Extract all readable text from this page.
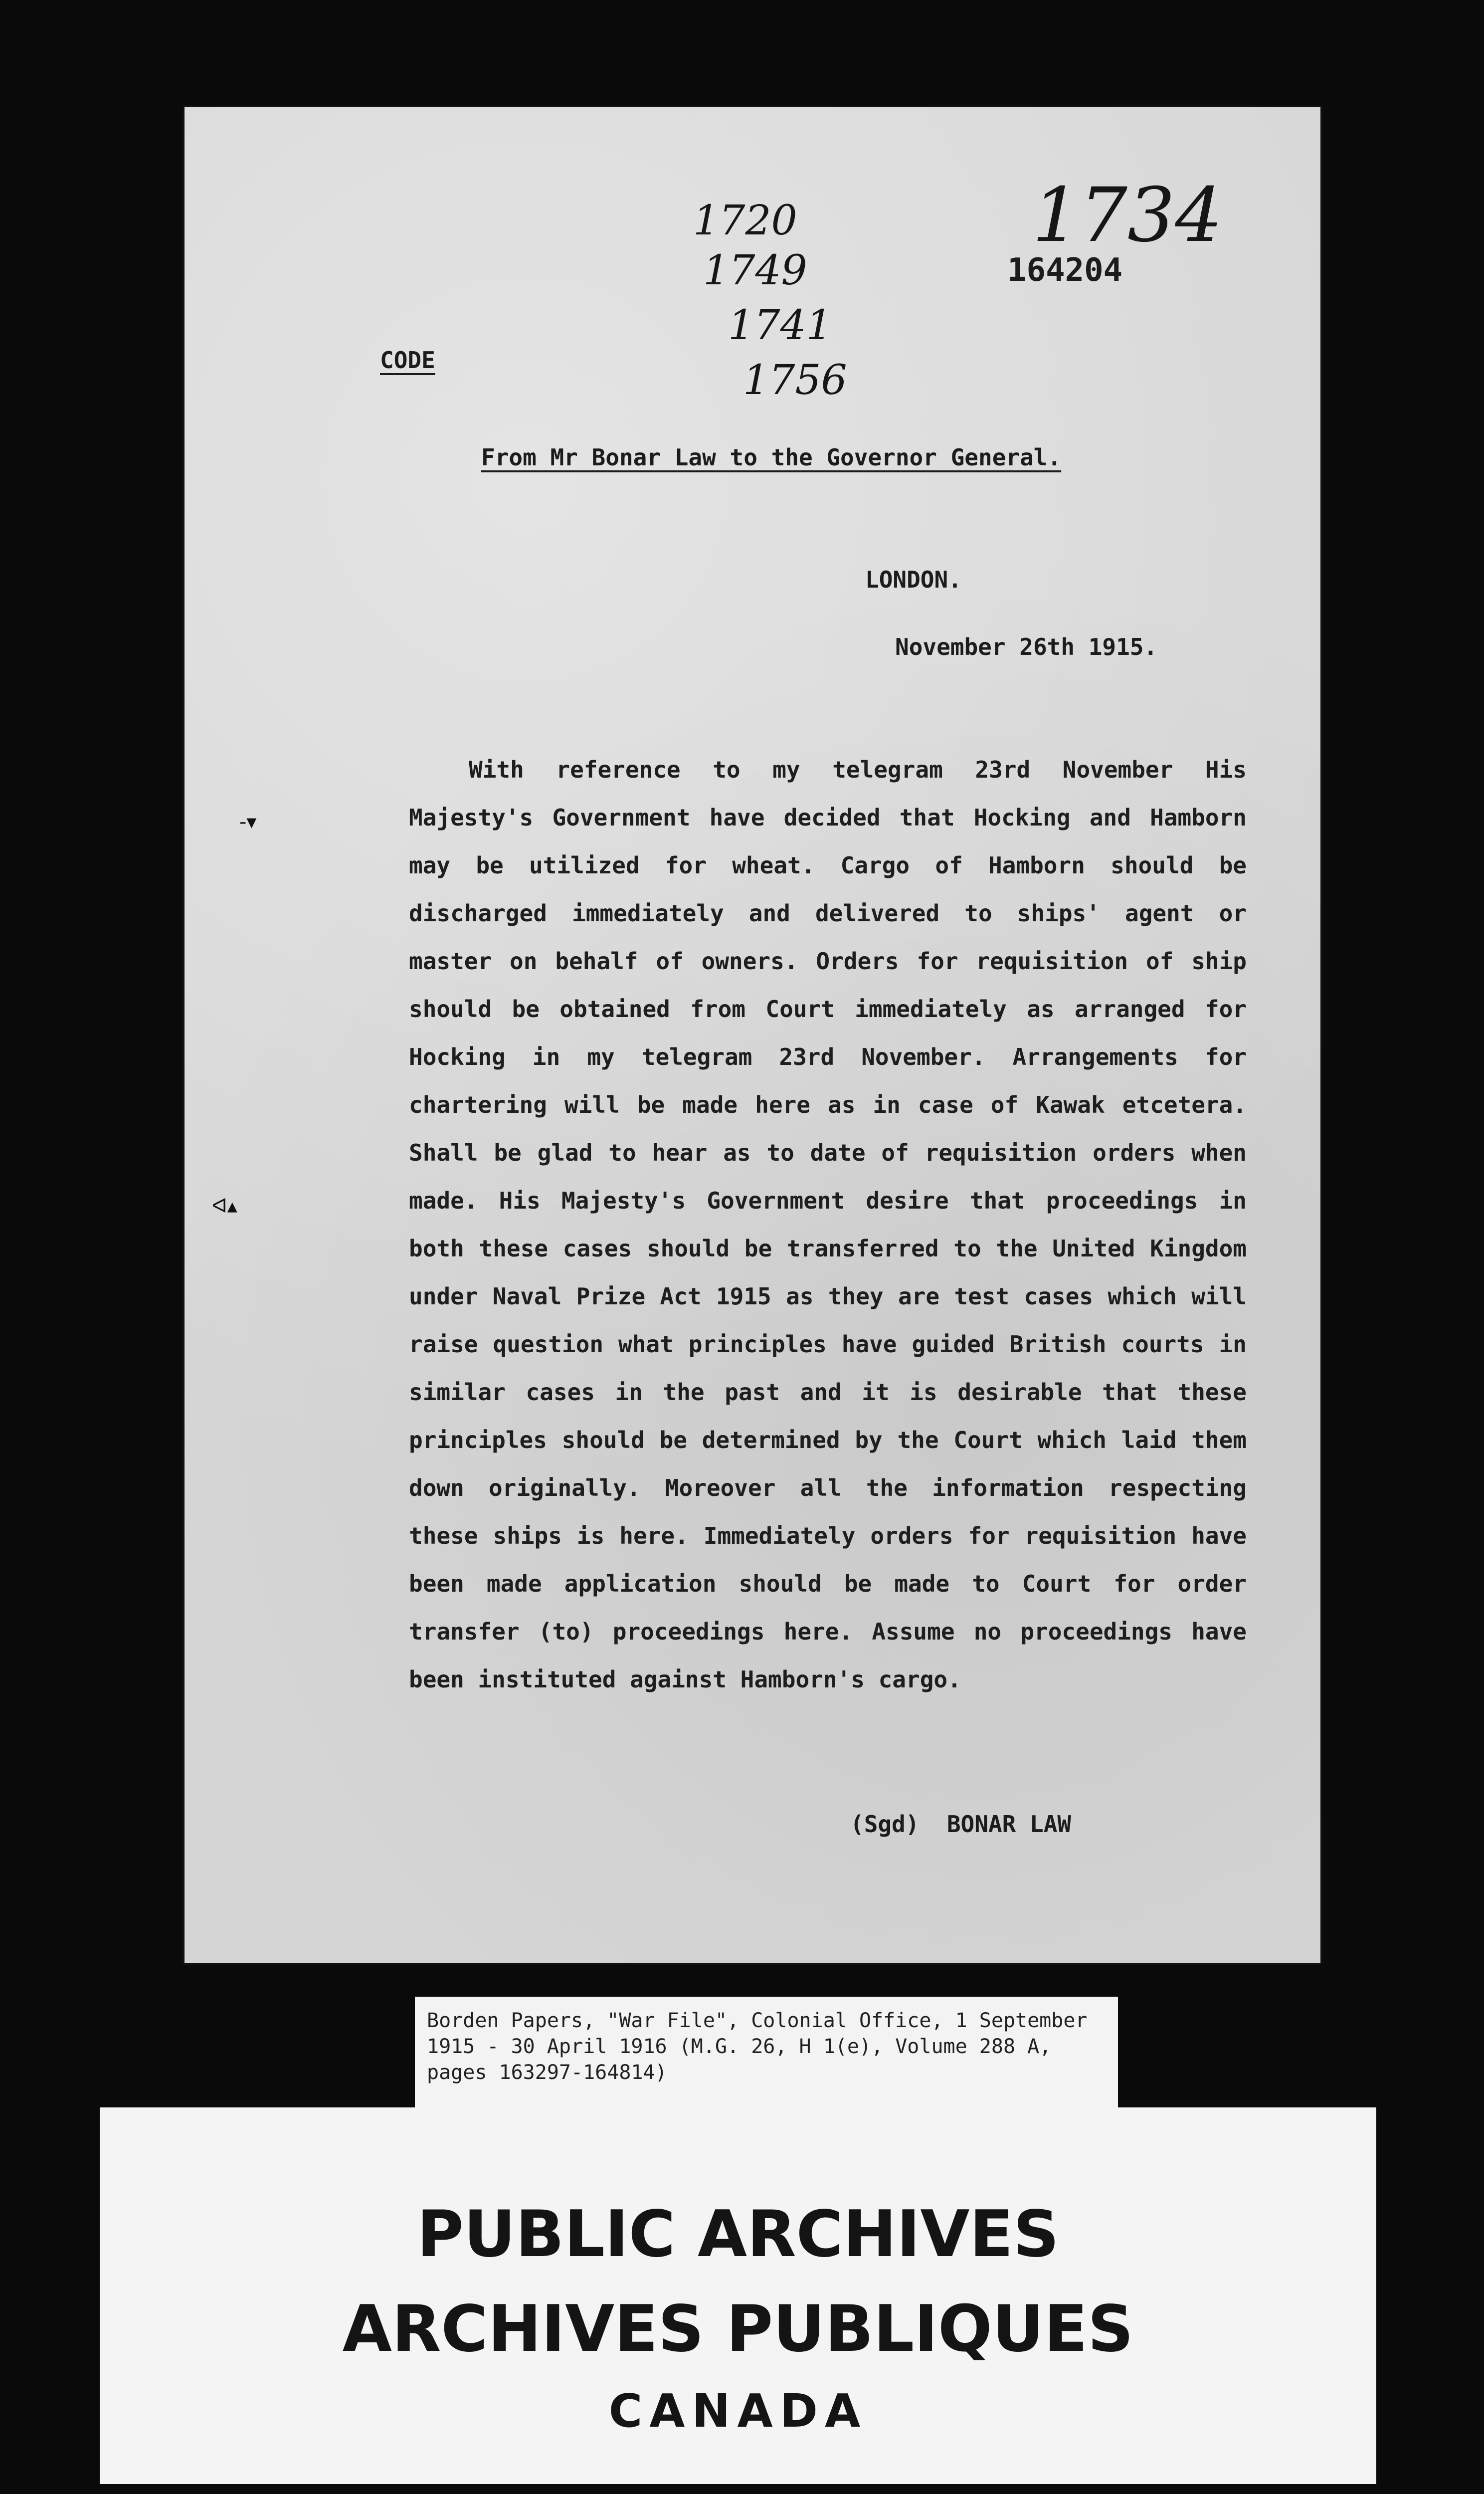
1734
164204
1720
1749
1741
1756
CODE
From Mr Bonar Law to the Governor General.
LONDON.
November 26th 1915.

With reference to my telegram 23rd November His Majesty's Government have decided that Hocking and Hamborn may be utilized for wheat. Cargo of Hamborn should be discharged immediately and delivered to ships' agent or master on behalf of owners. Orders for requisition of ship should be obtained from Court immediately as arranged for Hocking in my telegram 23rd November. Arrangements for chartering will be made here as in case of Kawak etcetera. Shall be glad to hear as to date of requisition orders when made. His Majesty's Government desire that proceedings in both these cases should be transferred to the United Kingdom under Naval Prize Act 1915 as they are test cases which will raise question what principles have guided British courts in similar cases in the past and it is desirable that these principles should be determined by the Court which laid them down originally. Moreover all the information respecting these ships is here. Immediately orders for requisition have been made application should be made to Court for order transfer (to) proceedings here. Assume no proceedings have been instituted against Hamborn's cargo.

(Sgd)  BONAR LAW
-▾
ᐊ▴

Borden Papers, "War File", Colonial Office, 1 September 1915 - 30 April 1916 (M.G. 26, H 1(e), Volume 288 A, pages 163297-164814)

PUBLIC ARCHIVES
ARCHIVES PUBLIQUES
CANADA
